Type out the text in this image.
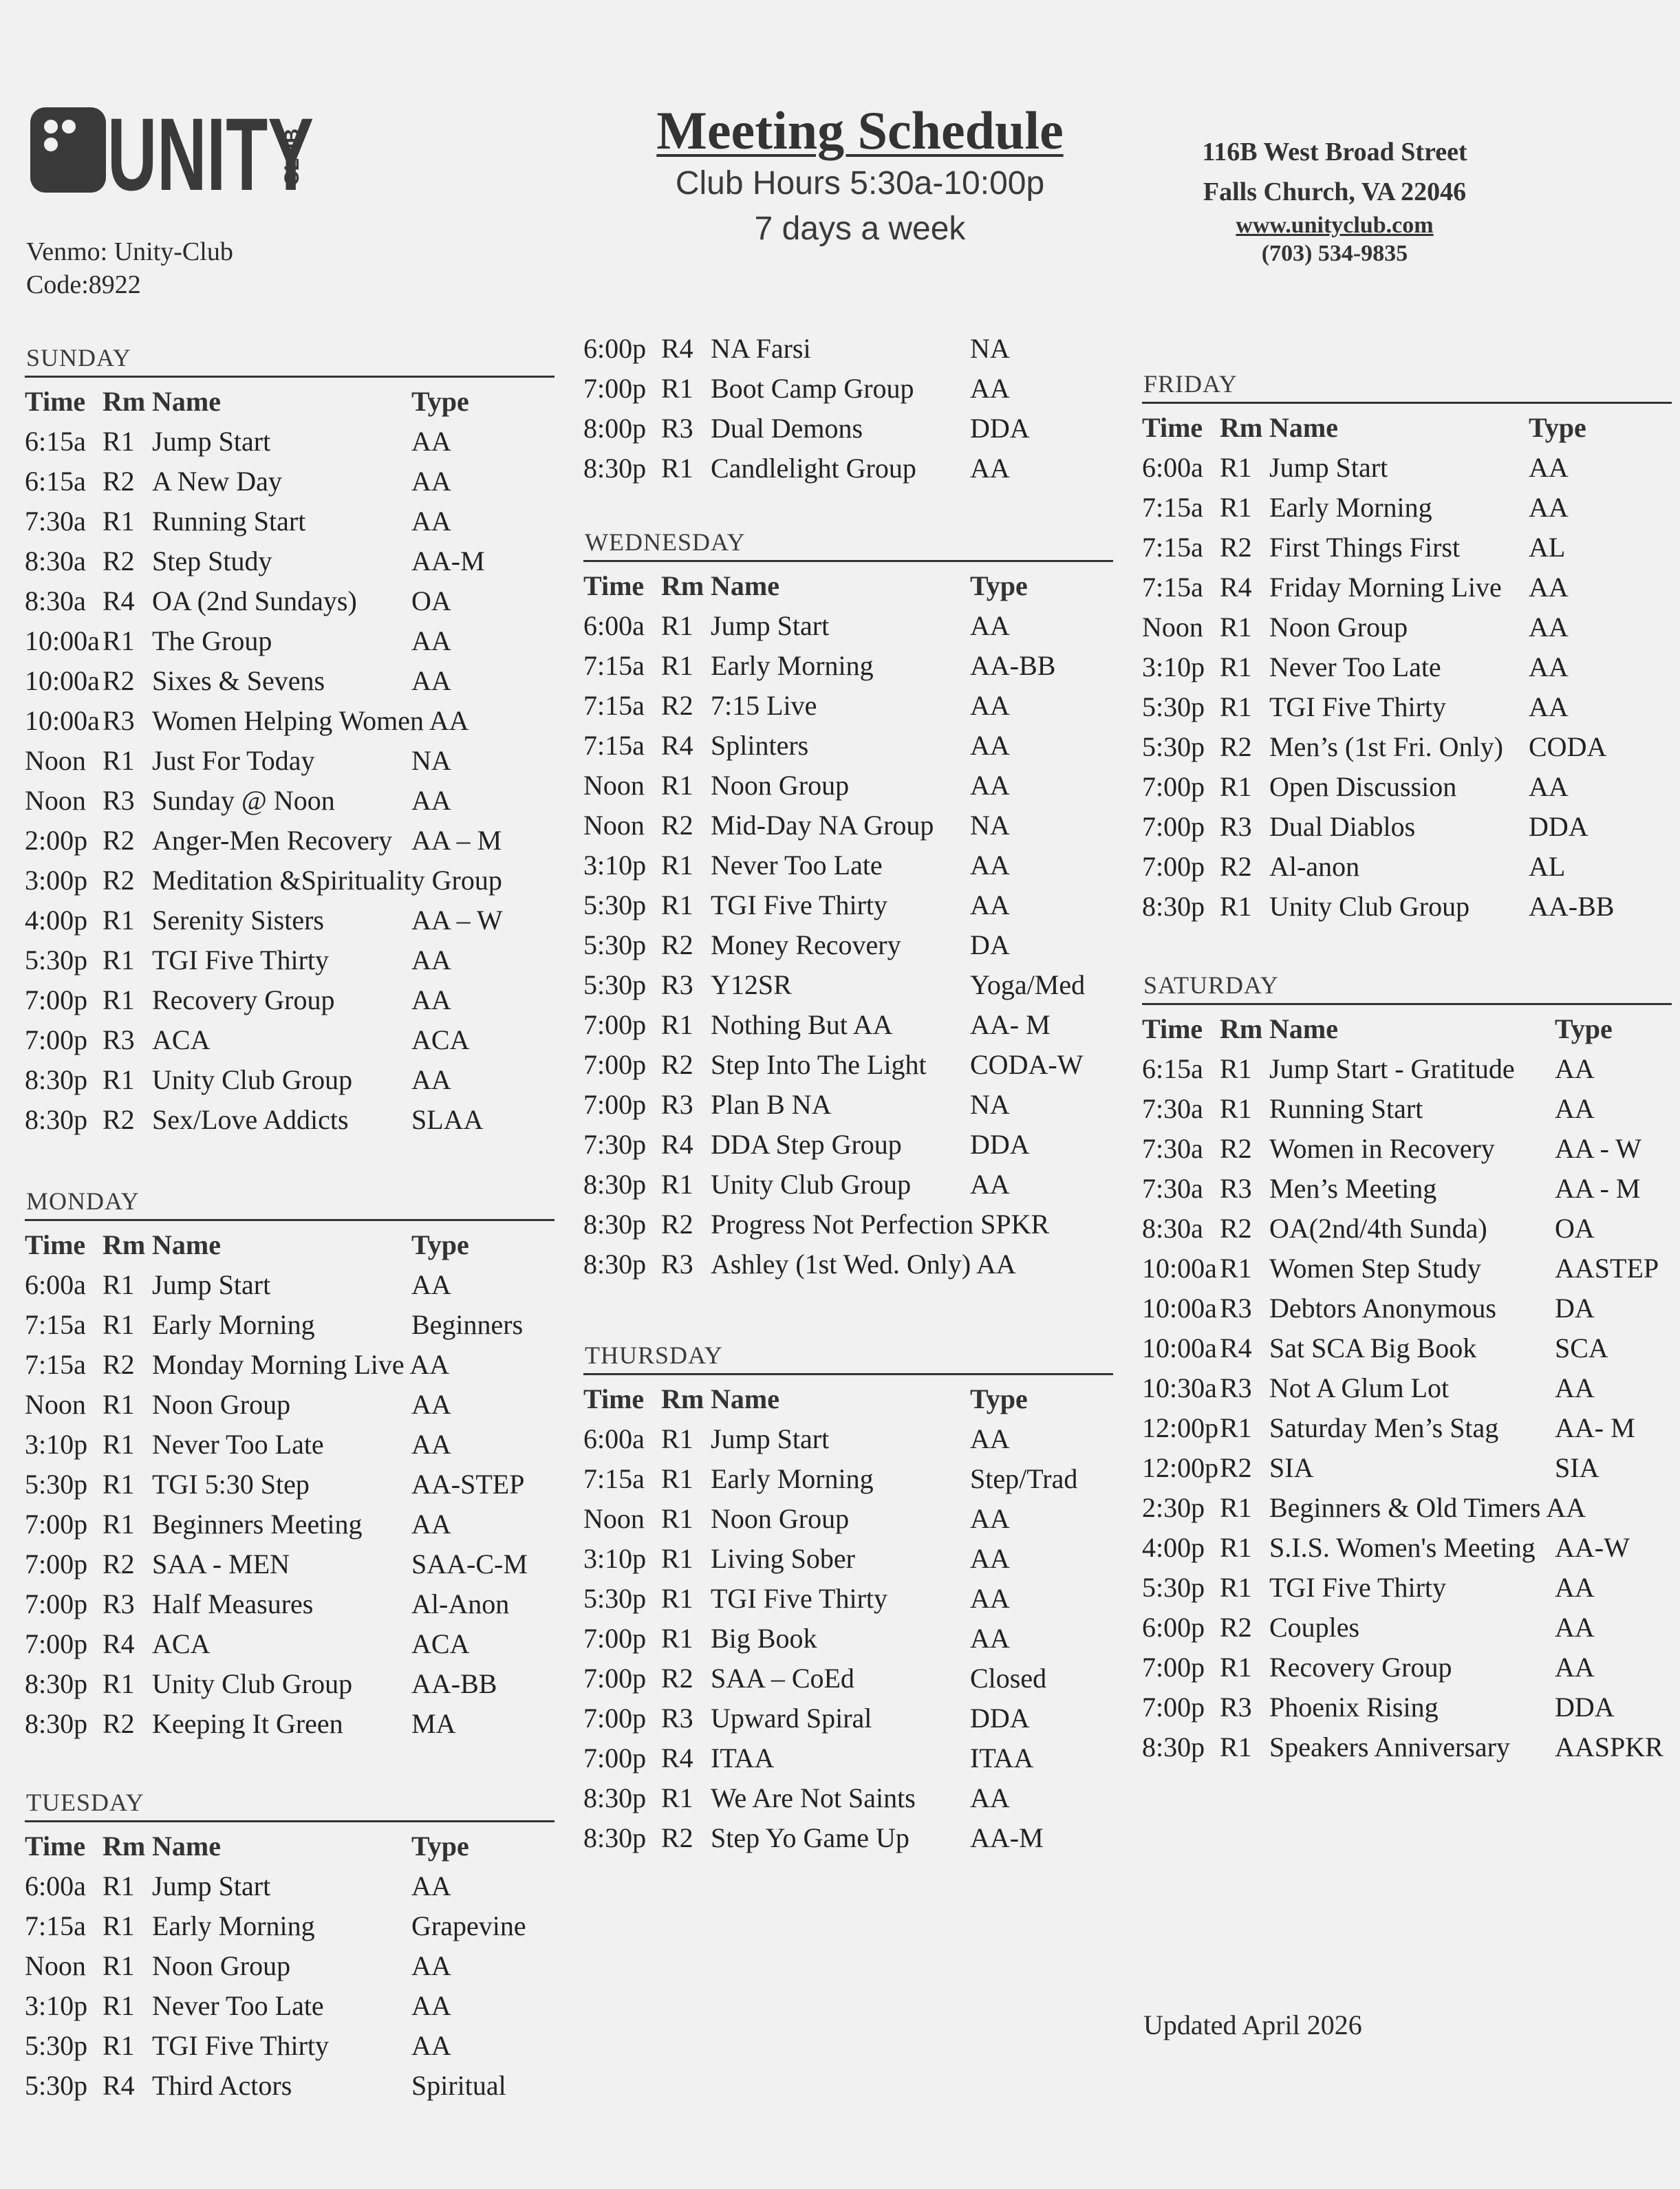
UNITY
CLUB
Venmo: Unity-Club
Code:8922
Meeting Schedule
Club Hours 5:30a-10:00p
7 days a week
116B West Broad Street
Falls Church, VA 22046
www.unityclub.com
(703) 534-9835
SUNDAY
Time Rm Name	Type
6:15a R1 Jump Start	AA
6:15a R2 A New Day	AA
7:30a R1 Running Start	AA
8:30a R2 Step Study	AA-M
8:30a R4 OA (2nd Sundays) OA
10:00a R1 The Group	AA
10:00a R2 Sixes & Sevens	AA
10:00a R3 Women Helping Women AA
Noon R1 Just For Today	NA
Noon R3 Sunday @ Noon	AA
2:00p R2 Anger-Men Recovery AA – M
3:00p R2 Meditation &Spirituality Group
4:00p R1 Serenity Sisters	AA – W
5:30p R1 TGI Five Thirty	AA
7:00p R1 Recovery Group	AA
7:00p R3 ACA	ACA
8:30p R1 Unity Club Group AA
8:30p R2 Sex/Love Addicts SLAA
MONDAY
Time Rm Name	Type
6:00a R1 Jump Start	AA
7:15a R1 Early Morning	Beginners
7:15a R2 Monday Morning Live AA
Noon R1 Noon Group	AA
3:10p R1 Never Too Late	AA
5:30p R1 TGI 5:30 Step	AA-STEP
7:00p R1 Beginners Meeting AA
7:00p R2 SAA - MEN	SAA-C-M
7:00p R3 Half Measures	Al-Anon
7:00p R4 ACA	ACA
8:30p R1 Unity Club Group AA-BB
8:30p R2 Keeping It Green MA
TUESDAY
Time Rm Name	Type
6:00a R1 Jump Start	AA
7:15a R1 Early Morning	Grapevine
Noon R1 Noon Group	AA
3:10p R1 Never Too Late	AA
5:30p R1 TGI Five Thirty	AA
5:30p R4 Third Actors	Spiritual
6:00p R4 NA Farsi	NA
7:00p R1 Boot Camp Group AA
8:00p R3 Dual Demons	DDA
8:30p R1 Candlelight Group AA
WEDNESDAY
Time Rm Name	Type
6:00a R1 Jump Start	AA
7:15a R1 Early Morning	AA-BB
7:15a R2 7:15 Live	AA
7:15a R4 Splinters	AA
Noon R1 Noon Group	AA
Noon R2 Mid-Day NA Group NA
3:10p R1 Never Too Late	AA
5:30p R1 TGI Five Thirty	AA
5:30p R2 Money Recovery	DA
5:30p R3 Y12SR	Yoga/Med
7:00p R1 Nothing But AA	AA- M
7:00p R2 Step Into The Light CODA-W
7:00p R3 Plan B NA	NA
7:30p R4 DDA Step Group DDA
8:30p R1 Unity Club Group AA
8:30p R2 Progress Not Perfection SPKR
8:30p R3 Ashley (1st Wed. Only) AA
THURSDAY
Time Rm Name	Type
6:00a R1 Jump Start	AA
7:15a R1 Early Morning	Step/Trad
Noon R1 Noon Group	AA
3:10p R1 Living Sober	AA
5:30p R1 TGI Five Thirty	AA
7:00p R1 Big Book	AA
7:00p R2 SAA – CoEd	Closed
7:00p R3 Upward Spiral	DDA
7:00p R4 ITAA	ITAA
8:30p R1 We Are Not Saints AA
8:30p R2 Step Yo Game Up AA-M
FRIDAY
Time Rm Name	Type
6:00a R1 Jump Start	AA
7:15a R1 Early Morning	AA
7:15a R2 First Things First AL
7:15a R4 Friday Morning Live AA
Noon R1 Noon Group	AA
3:10p R1 Never Too Late	AA
5:30p R1 TGI Five Thirty	AA
5:30p R2 Men’s (1st Fri. Only) CODA
7:00p R1 Open Discussion	AA
7:00p R3 Dual Diablos	DDA
7:00p R2 Al-anon	AL
8:30p R1 Unity Club Group AA-BB
SATURDAY
Time Rm Name	Type
6:15a R1 Jump Start - Gratitude AA
7:30a R1 Running Start	AA
7:30a R2 Women in Recovery AA - W
7:30a R3 Men’s Meeting	AA - M
8:30a R2 OA(2nd/4th Sunda) OA
10:00a R1 Women Step Study	AASTEP
10:00a R3 Debtors Anonymous DA
10:00a R4 Sat SCA Big Book	SCA
10:30a R3 Not A Glum Lot	AA
12:00p R1 Saturday Men’s Stag AA- M
12:00p R2 SIA	SIA
2:30p R1 Beginners & Old Timers AA
4:00p R1 S.I.S. Women's Meeting AA-W
5:30p R1 TGI Five Thirty	AA
6:00p R2 Couples	AA
7:00p R1 Recovery Group	AA
7:00p R3 Phoenix Rising	DDA
8:30p R1 Speakers Anniversary AASPKR
Updated April 2026
